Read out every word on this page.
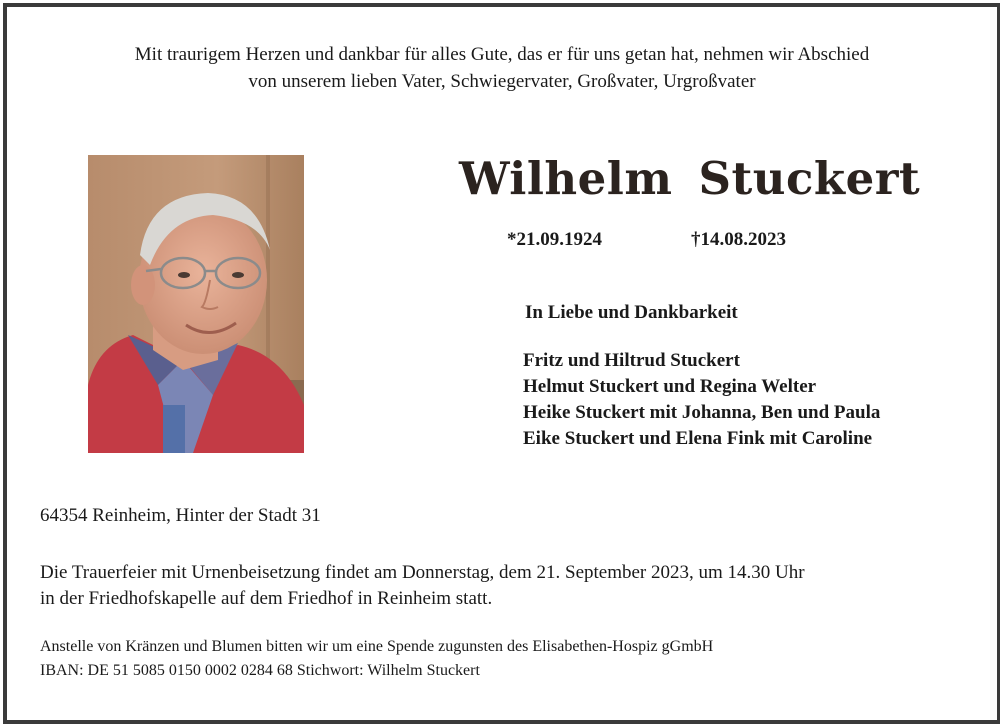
Mit traurigem Herzen und dankbar für alles Gute, das er für uns getan hat, nehmen wir Abschied
von unserem lieben Vater, Schwiegervater, Großvater, Urgroßvater
Wilhelm Stuckert
*21.09.1924	†14.08.2023
In Liebe und Dankbarkeit
Fritz und Hiltrud Stuckert
Helmut Stuckert und Regina Welter
Heike Stuckert mit Johanna, Ben und Paula
Eike Stuckert und Elena Fink mit Caroline
64354 Reinheim, Hinter der Stadt 31
Die Trauerfeier mit Urnenbeisetzung findet am Donnerstag, dem 21. September 2023, um 14.30 Uhr
in der Friedhofskapelle auf dem Friedhof in Reinheim statt.
Anstelle von Kränzen und Blumen bitten wir um eine Spende zugunsten des Elisabethen-Hospiz gGmbH
IBAN: DE 51 5085 0150 0002 0284 68 Stichwort: Wilhelm Stuckert
